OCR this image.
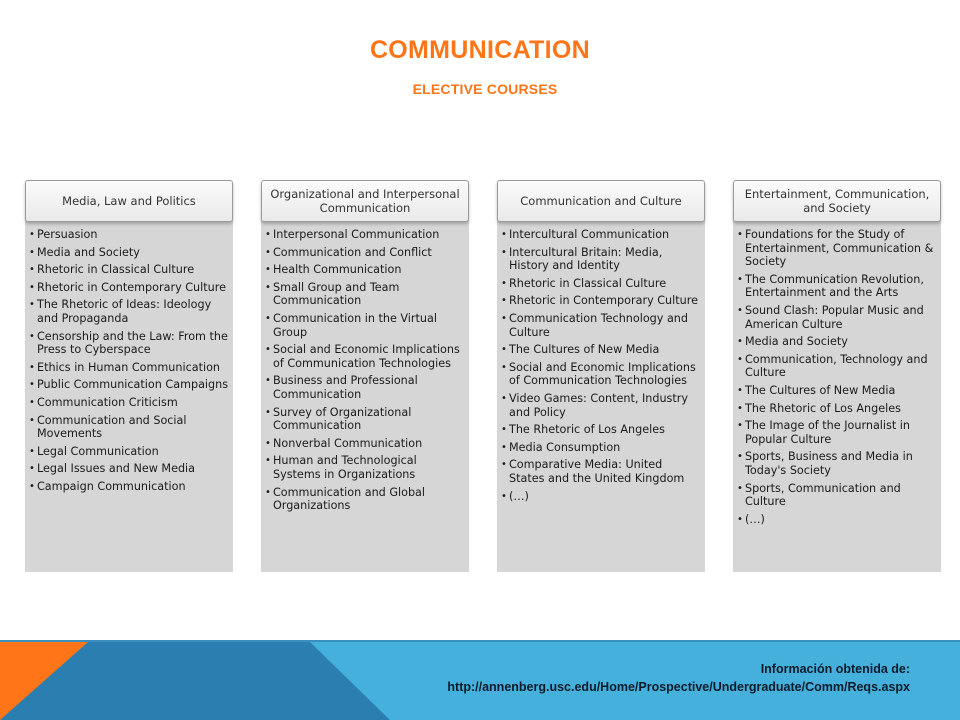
COMMUNICATION
ELECTIVE COURSES
Media, Law and Politics
• Persuasion
• Media and Society
• Rhetoric in Classical Culture
• Rhetoric in Contemporary Culture
• The Rhetoric of Ideas: Ideology and Propaganda
• Censorship and the Law: From the Press to Cyberspace
• Ethics in Human Communication
• Public Communication Campaigns
• Communication Criticism
• Communication and Social Movements
• Legal Communication
• Legal Issues and New Media
• Campaign Communication
Organizational and Interpersonal Communication
• Interpersonal Communication
• Communication and Conflict
• Health Communication
• Small Group and Team Communication
• Communication in the Virtual Group
• Social and Economic Implications of Communication Technologies
• Business and Professional Communication
• Survey of Organizational Communication
• Nonverbal Communication
• Human and Technological Systems in Organizations
• Communication and Global Organizations
Communication and Culture
• Intercultural Communication
• Intercultural Britain: Media, History and Identity
• Rhetoric in Classical Culture
• Rhetoric in Contemporary Culture
• Communication Technology and Culture
• The Cultures of New Media
• Social and Economic Implications of Communication Technologies
• Video Games: Content, Industry and Policy
• The Rhetoric of Los Angeles
• Media Consumption
• Comparative Media: United States and the United Kingdom
• (…)
Entertainment, Communication, and Society
• Foundations for the Study of Entertainment, Communication & Society
• The Communication Revolution, Entertainment and the Arts
• Sound Clash: Popular Music and American Culture
• Media and Society
• Communication, Technology and Culture
• The Cultures of New Media
• The Rhetoric of Los Angeles
• The Image of the Journalist in Popular Culture
• Sports, Business and Media in Today's Society
• Sports, Communication and Culture
• (…)
Información obtenida de:
http://annenberg.usc.edu/Home/Prospective/Undergraduate/Comm/Reqs.aspx
